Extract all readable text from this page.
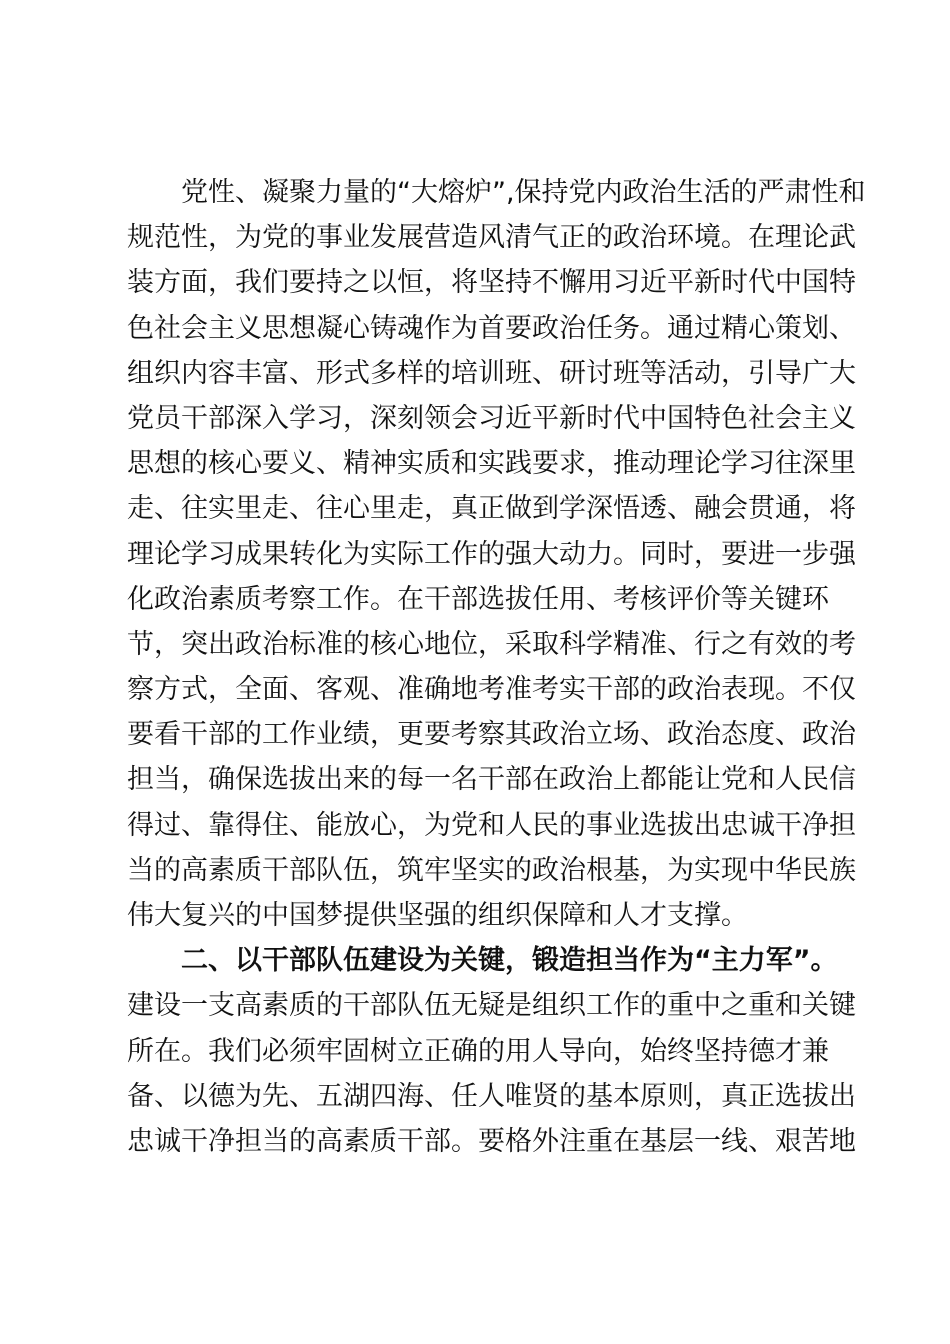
　　党性、凝聚力量的“大熔炉”,保持党内政治生活的严肃性和
规范性，为党的事业发展营造风清气正的政治环境。在理论武
装方面，我们要持之以恒，将坚持不懈用习近平新时代中国特
色社会主义思想凝心铸魂作为首要政治任务。通过精心策划、
组织内容丰富、形式多样的培训班、研讨班等活动，引导广大
党员干部深入学习，深刻领会习近平新时代中国特色社会主义
思想的核心要义、精神实质和实践要求，推动理论学习往深里
走、往实里走、往心里走，真正做到学深悟透、融会贯通，将
理论学习成果转化为实际工作的强大动力。同时，要进一步强
化政治素质考察工作。在干部选拔任用、考核评价等关键环
节，突出政治标准的核心地位，采取科学精准、行之有效的考
察方式，全面、客观、准确地考准考实干部的政治表现。不仅
要看干部的工作业绩，更要考察其政治立场、政治态度、政治
担当，确保选拔出来的每一名干部在政治上都能让党和人民信
得过、靠得住、能放心，为党和人民的事业选拔出忠诚干净担
当的高素质干部队伍，筑牢坚实的政治根基，为实现中华民族
伟大复兴的中国梦提供坚强的组织保障和人才支撑。
　　二、以干部队伍建设为关键，锻造担当作为“主力军”。
建设一支高素质的干部队伍无疑是组织工作的重中之重和关键
所在。我们必须牢固树立正确的用人导向，始终坚持德才兼
备、以德为先、五湖四海、任人唯贤的基本原则，真正选拔出
忠诚干净担当的高素质干部。要格外注重在基层一线、艰苦地
